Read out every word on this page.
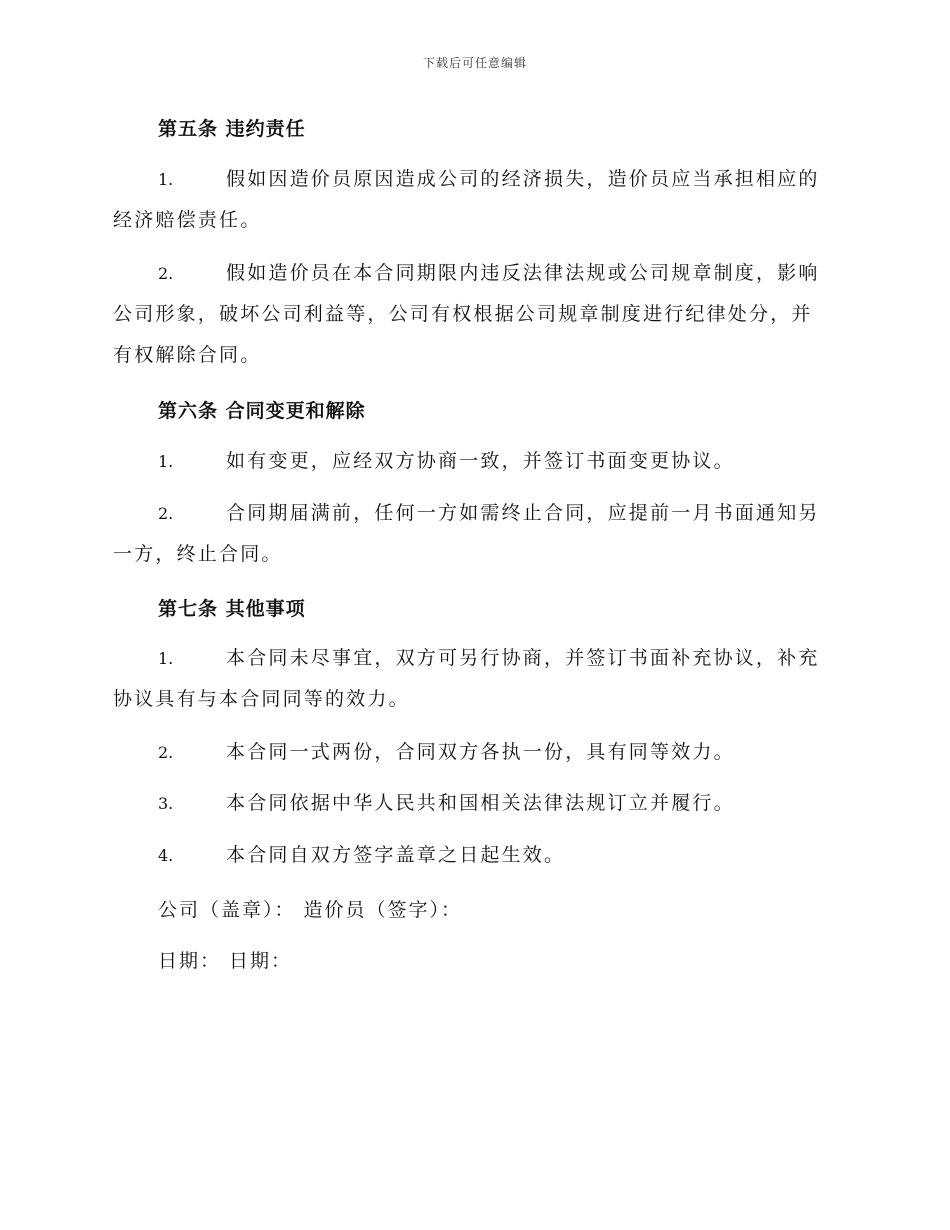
下载后可任意编辑
第五条 违约责任
1.	假如因造价员原因造成公司的经济损失，造价员应当承担相应的
经济赔偿责任。
2.	假如造价员在本合同期限内违反法律法规或公司规章制度，影响
公司形象，破坏公司利益等，公司有权根据公司规章制度进行纪律处分，并
有权解除合同。
第六条 合同变更和解除
1.	如有变更，应经双方协商一致，并签订书面变更协议。
2.	合同期届满前，任何一方如需终止合同，应提前一月书面通知另
一方，终止合同。
第七条 其他事项
1.	本合同未尽事宜，双方可另行协商，并签订书面补充协议，补充
协议具有与本合同同等的效力。
2.	本合同一式两份，合同双方各执一份，具有同等效力。
3.	本合同依据中华人民共和国相关法律法规订立并履行。
4.	本合同自双方签字盖章之日起生效。
公司（盖章）： 造价员（签字）：
日期： 日期：
